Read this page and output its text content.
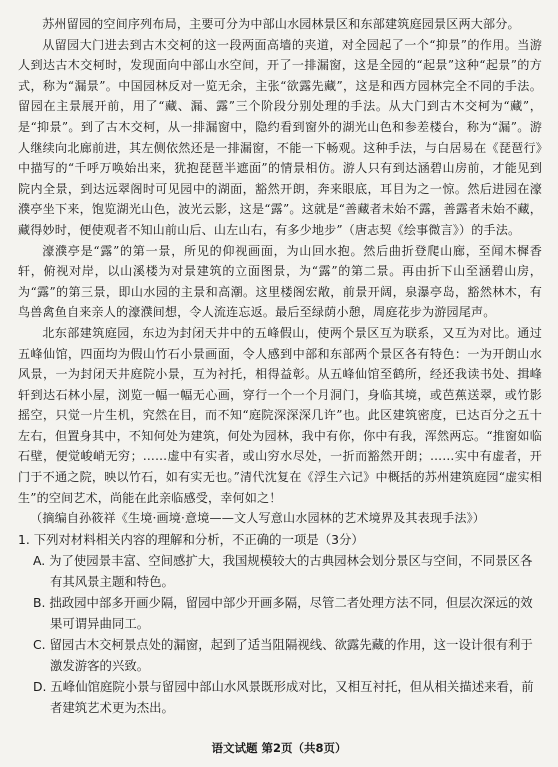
苏州留园的空间序列布局，主要可分为中部山水园林景区和东部建筑庭园景区两大部分。

从留园大门进去到古木交柯的这一段两面高墙的夹道，对全园起了一个“抑景”的作用。当游人到达古木交柯时，发现面向中部山水空间，开了一排漏窗，这是全园的“起景”这种“起景”的方式，称为“漏景”。中国园林反对一览无余，主张“欲露先藏”，这是和西方园林完全不同的手法。留园在主景展开前，用了“藏、漏、露”三个阶段分别处理的手法。从大门到古木交柯为“藏”，是“抑景”。到了古木交柯，从一排漏窗中，隐约看到窗外的湖光山色和参差楼台，称为“漏”。游人继续向北廊前进，其左侧依然还是一排漏窗，不能一下畅观。这种手法，与白居易在《琵琶行》中描写的“千呼万唤始出来，犹抱琵琶半遮面”的情景相仿。游人只有到达涵碧山房前，才能见到院内全景，到达远翠阁时可见园中的湖面，豁然开朗，奔来眼底，耳目为之一惊。然后进园在濠濮亭坐下来，饱览湖光山色，波光云影，这是“露”。这就是“善藏者未始不露，善露者未始不藏，藏得妙时，便使观者不知山前山后、山左山右，有多少地步”（唐志契《绘事微言》）的手法。

濠濮亭是“露”的第一景，所见的仰视画面，为山回水抱。然后曲折登爬山廊，至闻木樨香轩，俯视对岸，以山溪楼为对景建筑的立面图景，为“露”的第二景。再由折下山至涵碧山房，为“露”的第三景，即山水园的主景和高潮。这里楼阁宏敞，前景开阔，泉瀑亭岛，豁然林木，有鸟兽禽鱼自来亲人的濠濮间想，令人流连忘返。最后至绿荫小憩，周庭花步为游园尾声。

北东部建筑庭园，东边为封闭天井中的五峰假山，使两个景区互为联系，又互为对比。通过五峰仙馆，四面均为假山竹石小景画面，令人感到中部和东部两个景区各有特色：一为开朗山水风景，一为封闭天井庭院小景，互为衬托，相得益彰。从五峰仙馆至鹤所，经还我读书处、揖峰轩到达石林小屋，浏览一幅一幅无心画，穿行一个一个月洞门，身临其境，或芭蕉送翠，或竹影摇空，只觉一片生机，究然在目，而不知“庭院深深深几许”也。此区建筑密度，已达百分之五十左右，但置身其中，不知何处为建筑，何处为园林，我中有你，你中有我，浑然两忘。“推窗如临石壁，便觉峻峭无穷；……虚中有实者，或山穷水尽处，一折而豁然开朗；……实中有虚者，开门于不通之院，映以竹石，如有实无也。”清代沈复在《浮生六记》中概括的苏州建筑庭园“虚实相生”的空间艺术，尚能在此亲临感受，幸何如之！

（摘编自孙筱祥《生境·画境·意境——文人写意山水园林的艺术境界及其表现手法》）

1. 下列对材料相关内容的理解和分析，不正确的一项是（3分）

A. 为了使园景丰富、空间感扩大，我国规模较大的古典园林会划分景区与空间，不同景区各有其风景主题和特色。

B. 拙政园中部多开画少隔，留园中部少开画多隔，尽管二者处理方法不同，但层次深远的效果可谓异曲同工。

C. 留园古木交柯景点处的漏窗，起到了适当阻隔视线、欲露先藏的作用，这一设计很有利于激发游客的兴致。

D. 五峰仙馆庭院小景与留园中部山水风景既形成对比，又相互衬托，但从相关描述来看，前者建筑艺术更为杰出。

语文试题 第2页（共8页）
